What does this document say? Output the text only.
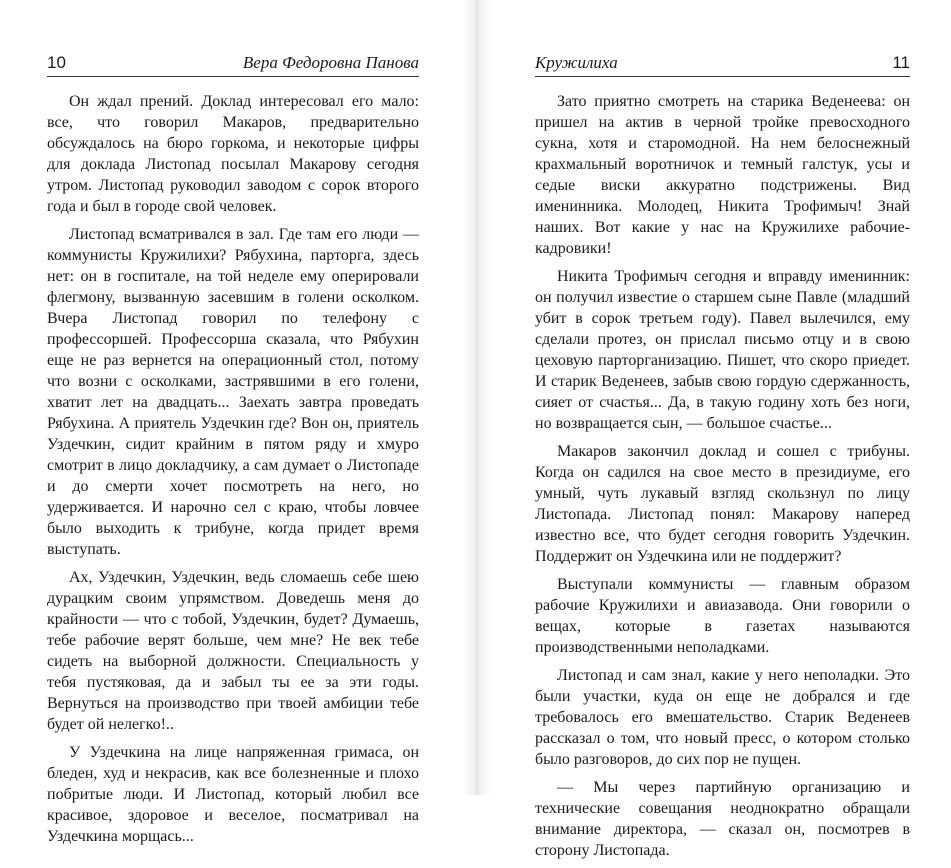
10	Вера Федоровна Панова

Он ждал прений. Доклад интересовал его мало: все, что говорил Макаров, предварительно обсуждалось на бюро горкома, и некоторые цифры для доклада Листопад посылал Макарову сегодня утром. Листопад руководил заводом с сорок второго года и был в городе свой человек.

Листопад всматривался в зал. Где там его люди — коммунисты Кружилихи? Рябухина, парторга, здесь нет: он в госпитале, на той неделе ему оперировали флегмону, вызванную засевшим в голени осколком. Вчера Листопад говорил по телефону с профессоршей. Профессорша сказала, что Рябухин еще не раз вернется на операционный стол, потому что возни с осколками, застрявшими в его голени, хватит лет на двадцать... Заехать завтра проведать Рябухина. А приятель Уздечкин где? Вон он, приятель Уздечкин, сидит крайним в пятом ряду и хмуро смотрит в лицо докладчику, а сам думает о Листопаде и до смерти хочет посмотреть на него, но удерживается. И нарочно сел с краю, чтобы ловчее было выходить к трибуне, когда придет время выступать.

Ах, Уздечкин, Уздечкин, ведь сломаешь себе шею дурацким своим упрямством. Доведешь меня до крайности — что с тобой, Уздечкин, будет? Думаешь, тебе рабочие верят больше, чем мне? Не век тебе сидеть на выборной должности. Специальность у тебя пустяковая, да и забыл ты ее за эти годы. Вернуться на производство при твоей амбиции тебе будет ой нелегко!..

У Уздечкина на лице напряженная гримаса, он бледен, худ и некрасив, как все болезненные и плохо побритые люди. И Листопад, который любил все красивое, здоровое и веселое, посматривал на Уздечкина морщась...

Кружилиха	11

Зато приятно смотреть на старика Веденеева: он пришел на актив в черной тройке превосходного сукна, хотя и старомодной. На нем белоснежный крахмальный воротничок и темный галстук, усы и седые виски аккуратно подстрижены. Вид именинника. Молодец, Никита Трофимыч! Знай наших. Вот какие у нас на Кружилихе рабочие-кадровики!

Никита Трофимыч сегодня и вправду именинник: он получил известие о старшем сыне Павле (младший убит в сорок третьем году). Павел вылечился, ему сделали протез, он прислал письмо отцу и в свою цеховую парторганизацию. Пишет, что скоро приедет. И старик Веденеев, забыв свою гордую сдержанность, сияет от счастья... Да, в такую годину хоть без ноги, но возвращается сын, — большое счастье...

Макаров закончил доклад и сошел с трибуны. Когда он садился на свое место в президиуме, его умный, чуть лукавый взгляд скользнул по лицу Листопада. Листопад понял: Макарову наперед известно все, что будет сегодня говорить Уздечкин. Поддержит он Уздечкина или не поддержит?

Выступали коммунисты — главным образом рабочие Кружилихи и авиазавода. Они говорили о вещах, которые в газетах называются производственными неполадками.

Листопад и сам знал, какие у него неполадки. Это были участки, куда он еще не добрался и где требовалось его вмешательство. Старик Веденеев рассказал о том, что новый пресс, о котором столько было разговоров, до сих пор не пущен.

— Мы через партийную организацию и технические совещания неоднократно обращали внимание директора, — сказал он, посмотрев в сторону Листопада.
